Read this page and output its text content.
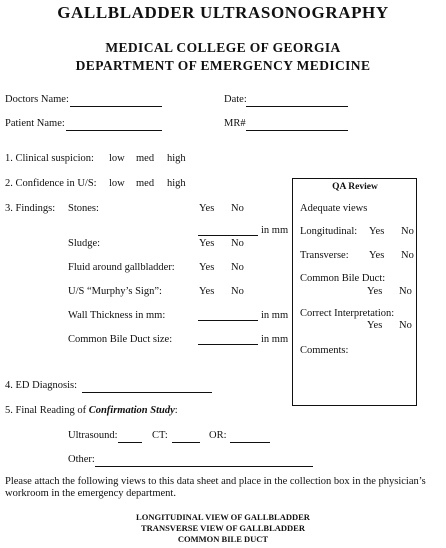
GALLBLADDER ULTRASONOGRAPHY
MEDICAL COLLEGE OF GEORGIA
DEPARTMENT OF EMERGENCY MEDICINE
Doctors Name:	Date:
Patient Name:	MR#
1. Clinical suspicion: low med high
2. Confidence in U/S: low med high
3. Findings: Stones:	Yes No
in mm
Sludge:	Yes No
Fluid around gallbladder: Yes No
U/S “Murphy’s Sign”:	Yes No
Wall Thickness in mm:	in mm
Common Bile Duct size:	in mm
QA Review
Adequate views
Longitudinal: Yes No
Transverse: Yes No
Common Bile Duct:
Yes No
Correct Interpretation:
Yes No
Comments:
4. ED Diagnosis:
5. Final Reading of Confirmation Study:
Ultrasound:	CT:	OR:
Other:
Please attach the following views to this data sheet and place in the collection box in the physician’s workroom in the emergency department.
LONGITUDINAL VIEW OF GALLBLADDER
TRANSVERSE VIEW OF GALLBLADDER
COMMON BILE DUCT
